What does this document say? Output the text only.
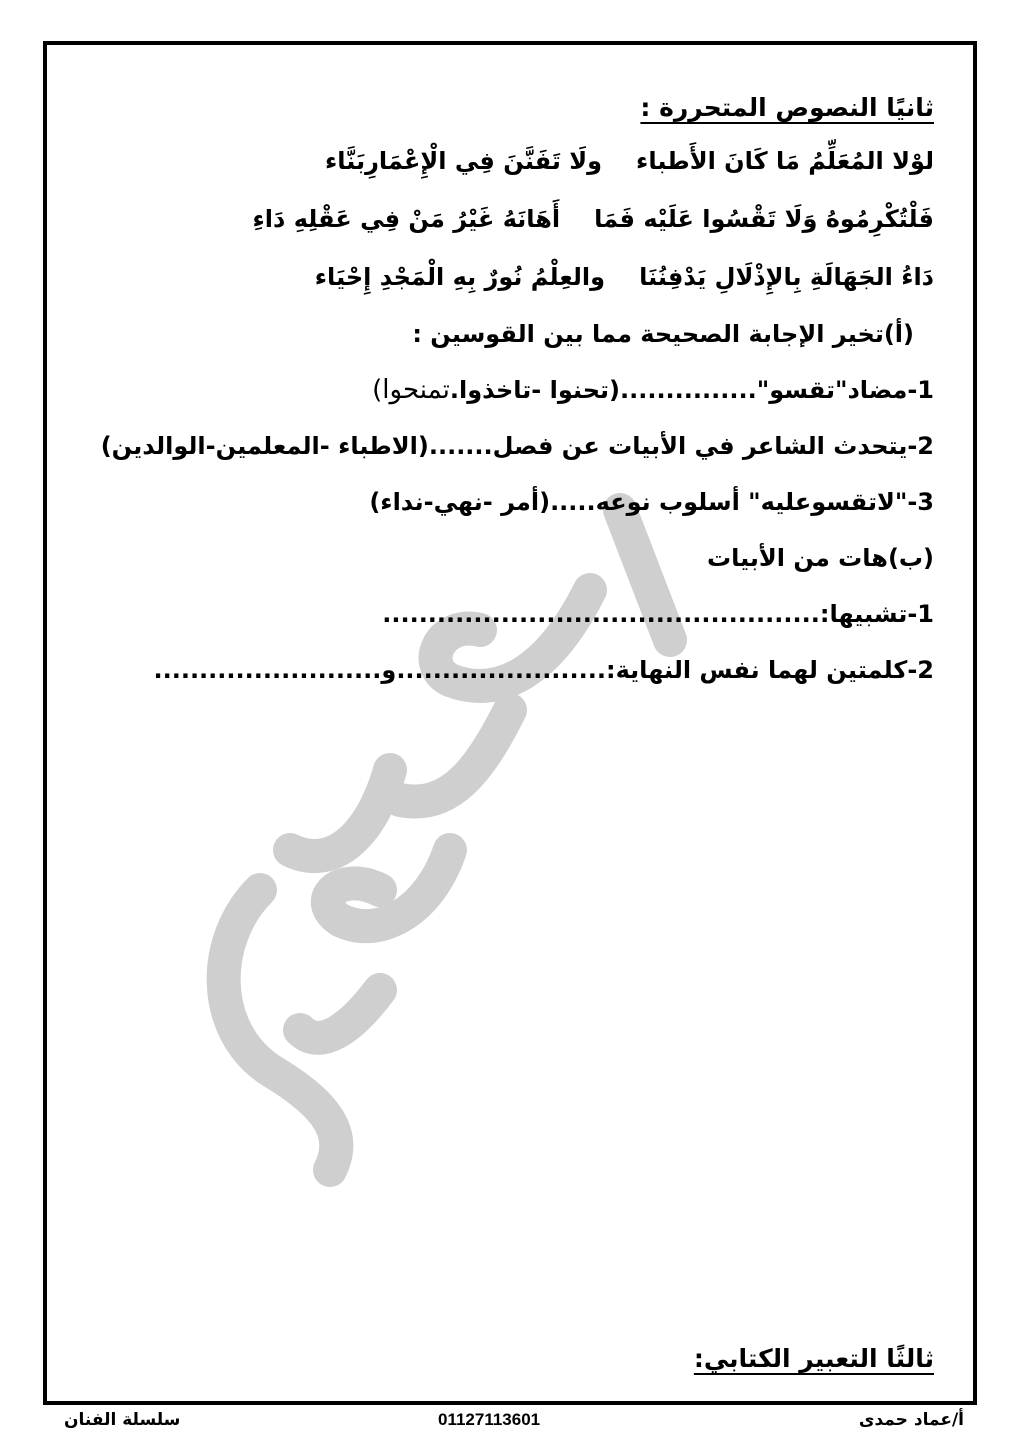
أعمار حمدي
ثانيًا النصوص المتحررة :
لوْلا المُعَلِّمُ مَا كَانَ الأَطباءولَا تَفَنَّنَ فِي الْإِعْمَارِبَنَّاء
فَلْتُكْرِمُوهُ وَلَا تَقْسُوا عَلَيْه فَمَاأَهَانَهُ غَيْرُ مَنْ فِي عَقْلِهِ دَاءِ
دَاءُ الجَهَالَةِ بِالإِذْلَالِ يَدْفِنُنَاوالعِلْمُ نُورٌ بِهِ الْمَجْدِ إِحْيَاء
(أ)تخير الإجابة الصحيحة مما بين القوسين :
1-مضاد"تقسو"...............(تحنوا -تاخذوا.تمنحوا)
2-يتحدث الشاعر في الأبيات عن فصل.......(الاطباء -المعلمين-الوالدين)
3-"لاتقسوعليه" أسلوب نوعه.....(أمر -نهي-نداء)
(ب)هات من الأبيات
1-تشبيها:................................................
2-كلمتين لهما نفس النهاية:.......................و.........................
ثالثًا التعبير الكتابي:
سلسلة الفنان	01127113601	أ/عماد حمدى
